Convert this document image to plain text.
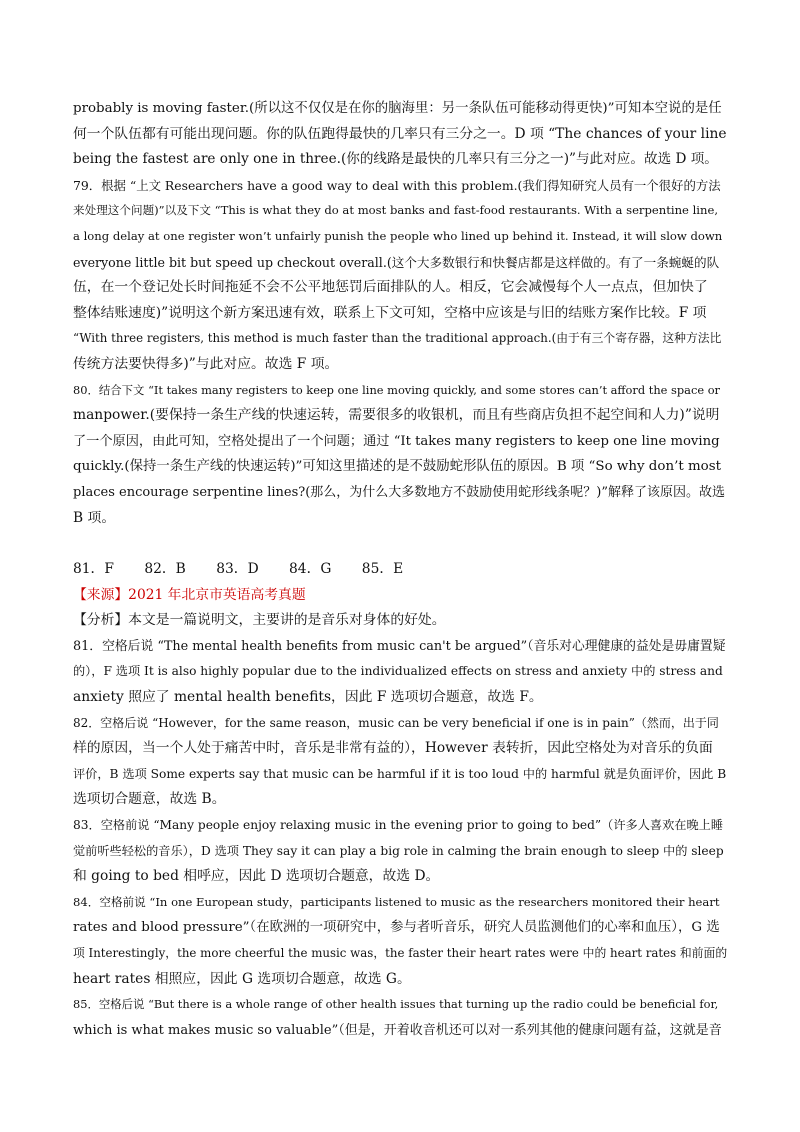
probably is moving faster.(所以这不仅仅是在你的脑海里：另一条队伍可能移动得更快)”可知本空说的是任
何一个队伍都有可能出现问题。你的队伍跑得最快的几率只有三分之一。D 项 “The chances of your line
being the fastest are only one in three.(你的线路是最快的几率只有三分之一)”与此对应。故选 D 项。
79．根据 “上文 Researchers have a good way to deal with this problem.(我们得知研究人员有一个很好的方法
来处理这个问题)”以及下文 “This is what they do at most banks and fast-food restaurants. With a serpentine line,
a long delay at one register won’t unfairly punish the people who lined up behind it. Instead, it will slow down
everyone little bit but speed up checkout overall.(这个大多数银行和快餐店都是这样做的。有了一条蜿蜒的队
伍，在一个登记处长时间拖延不会不公平地惩罚后面排队的人。相反，它会减慢每个人一点点，但加快了
整体结账速度)”说明这个新方案迅速有效，联系上下文可知，空格中应该是与旧的结账方案作比较。F 项
“With three registers, this method is much faster than the traditional approach.(由于有三个寄存器，这种方法比
传统方法要快得多)”与此对应。故选 F 项。
80．结合下文 “It takes many registers to keep one line moving quickly, and some stores can’t afford the space or
manpower.(要保持一条生产线的快速运转，需要很多的收银机，而且有些商店负担不起空间和人力)”说明
了一个原因，由此可知，空格处提出了一个问题；通过 “It takes many registers to keep one line moving
quickly.(保持一条生产线的快速运转)”可知这里描述的是不鼓励蛇形队伍的原因。B 项 “So why don’t most
places encourage serpentine lines?(那么，为什么大多数地方不鼓励使用蛇形线条呢？)”解释了该原因。故选
B 项。
81．F 82．B 83．D 84．G 85．E
【来源】2021 年北京市英语高考真题
【分析】本文是一篇说明文，主要讲的是音乐对身体的好处。
81．空格后说 “The mental health benefits from music can't be argued”（音乐对心理健康的益处是毋庸置疑
的），F 选项 It is also highly popular due to the individualized effects on stress and anxiety 中的 stress and
anxiety 照应了 mental health benefits，因此 F 选项切合题意，故选 F。
82．空格后说 “However，for the same reason，music can be very beneficial if one is in pain”（然而，出于同
样的原因，当一个人处于痛苦中时，音乐是非常有益的），However 表转折，因此空格处为对音乐的负面
评价，B 选项 Some experts say that music can be harmful if it is too loud 中的 harmful 就是负面评价，因此 B
选项切合题意，故选 B。
83．空格前说 “Many people enjoy relaxing music in the evening prior to going to bed”（许多人喜欢在晚上睡
觉前听些轻松的音乐），D 选项 They say it can play a big role in calming the brain enough to sleep 中的 sleep
和 going to bed 相呼应，因此 D 选项切合题意，故选 D。
84．空格前说 “In one European study，participants listened to music as the researchers monitored their heart
rates and blood pressure”（在欧洲的一项研究中，参与者听音乐，研究人员监测他们的心率和血压），G 选
项 Interestingly，the more cheerful the music was，the faster their heart rates were 中的 heart rates 和前面的
heart rates 相照应，因此 G 选项切合题意，故选 G。
85．空格后说 “But there is a whole range of other health issues that turning up the radio could be beneficial for,
which is what makes music so valuable”（但是，开着收音机还可以对一系列其他的健康问题有益，这就是音
